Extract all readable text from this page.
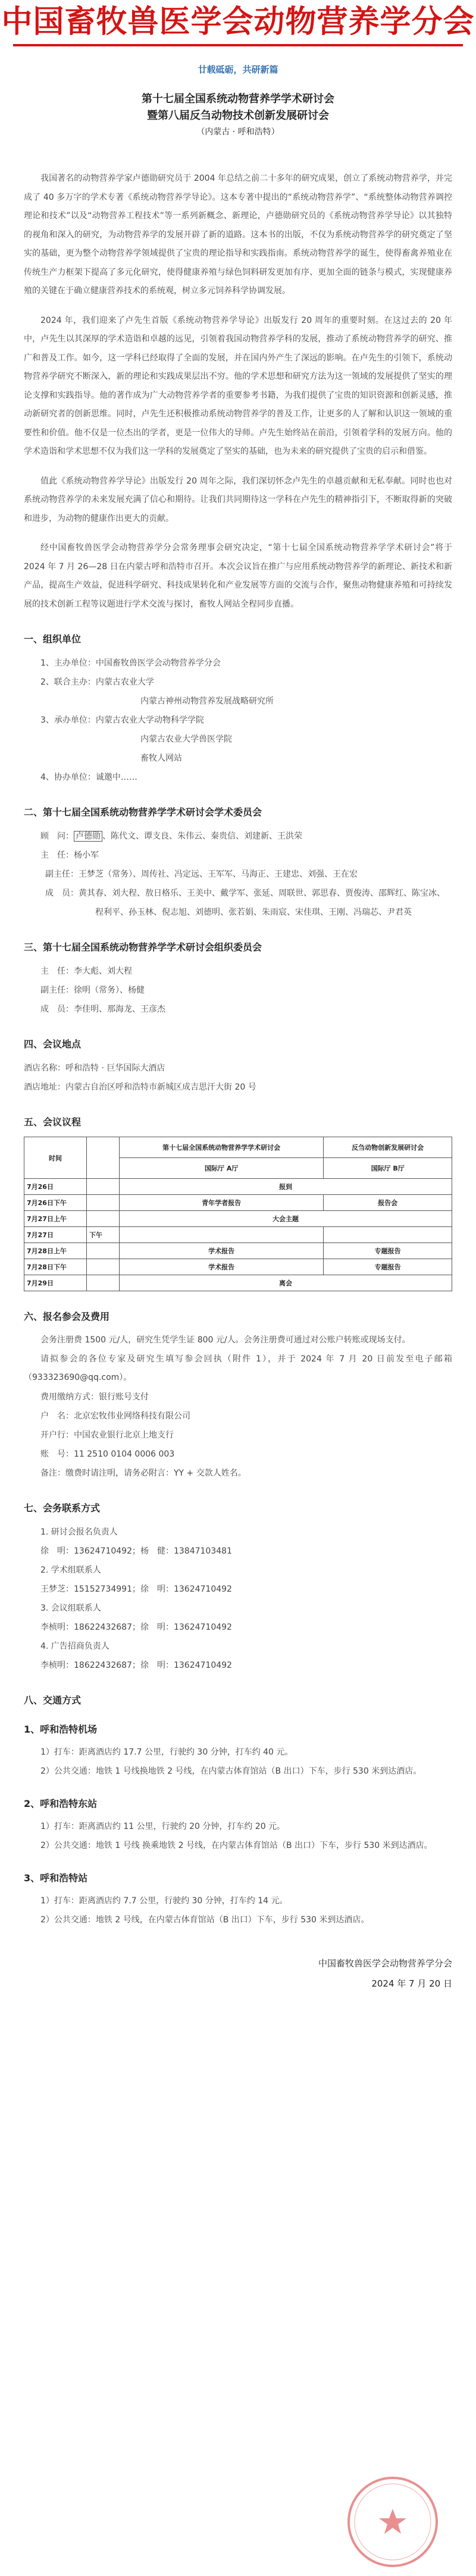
中国畜牧兽医学会动物营养学分会
廿载砥砺，共研新篇
第十七届全国系统动物营养学学术研讨会
暨第八届反刍动物技术创新发展研讨会
（内蒙古 · 呼和浩特）

我国著名的动物营养学家卢德勋研究员于 2004 年总结之前二十多年的研究成果，创立了系统动物营养学，并完成了 40 多万字的学术专著《系统动物营养学导论》。这本专著中提出的“系统动物营养学”、“系统整体动物营养调控理论和技术”以及“动物营养工程技术”等一系列新概念、新理论，卢德勋研究员的《系统动物营养学导论》以其独特的视角和深入的研究，为动物营养学的发展开辟了新的道路。这本书的出版，不仅为系统动物营养学的研究奠定了坚实的基础，更为整个动物营养学领域提供了宝贵的理论指导和实践指南。系统动物营养学的诞生，使得畜禽养殖业在传统生产力框架下提高了多元化研究，使得健康养殖与绿色饲料研发更加有序、更加全面的链条与模式，实现健康养殖的关键在于确立健康营养技术的系统观，树立多元饲养科学协调发展。

2024 年，我们迎来了卢先生首版《系统动物营养学导论》出版发行 20 周年的重要时刻。在这过去的 20 年中，卢先生以其深厚的学术造诣和卓越的远见，引领着我国动物营养学科的发展，推动了系统动物营养学的研究、推广和普及工作。如今，这一学科已经取得了全面的发展，并在国内外产生了深远的影响。在卢先生的引领下，系统动物营养学研究不断深入，新的理论和实践成果层出不穷。他的学术思想和研究方法为这一领域的发展提供了坚实的理论支撑和实践指导。他的著作成为广大动物营养学者的重要参考书籍，为我们提供了宝贵的知识资源和创新灵感，推动新研究者的创新思维。同时，卢先生还积极推动系统动物营养学的普及工作，让更多的人了解和认识这一领域的重要性和价值。他不仅是一位杰出的学者，更是一位伟大的导师。卢先生始终站在前沿，引领着学科的发展方向。他的学术造诣和学术思想不仅为我们这一学科的发展奠定了坚实的基础，也为未来的研究提供了宝贵的启示和借鉴。

值此《系统动物营养学导论》出版发行 20 周年之际，我们深切怀念卢先生的卓越贡献和无私奉献。同时也也对系统动物营养学的未来发展充满了信心和期待。让我们共同期待这一学科在卢先生的精神指引下，不断取得新的突破和进步，为动物的健康作出更大的贡献。

经中国畜牧兽医学会动物营养学分会常务理事会研究决定，“第十七届全国系统动物营养学学术研讨会”将于 2024 年 7 月 26—28 日在内蒙古呼和浩特市召开。本次会议旨在推广与应用系统动物营养学的新理论、新技术和新产品，提高生产效益，促进科学研究、科技成果转化和产业发展等方面的交流与合作，聚焦动物健康养殖和可持续发展的技术创新工程等议题进行学术交流与探讨，畜牧人网站全程同步直播。

一、组织单位
1、主办单位：中国畜牧兽医学会动物营养学分会
2、联合主办：内蒙古农业大学
内蒙古神州动物营养发展战略研究所
3、承办单位：内蒙古农业大学动物科学学院
内蒙古农业大学兽医学院
畜牧人网站
4、协办单位：诚邀中……
二、第十七届全国系统动物营养学学术研讨会学术委员会
顾　问： 卢德勋 、陈代文、谭支良、朱伟云、秦贵信、刘建新、王洪荣
主　任：杨小军
副主任：王梦芝（常务）、周传社、冯定远、王军军、马海正、王建忠、刘强、王在宏
成　员：黄其春、刘大程、敖日格乐、王美中、戴学军、张延、周联世、郭思春、贾俊涛、邵辉红、陈宝冰、程利平、孙玉林、倪志旭、刘德明、张若娟、朱雨宸、宋佳琪、王刚、冯瑞芯、尹君英
三、第十七届全国系统动物营养学学术研讨会组织委员会
主　任：李大彪、刘大程
副主任：徐明（常务）、杨健
成　员：李佳明、那海龙、王彦杰
四、会议地点
酒店名称：呼和浩特 · 巨华国际大酒店
酒店地址：内蒙古自治区呼和浩特市新城区成吉思汗大街 20 号
五、会议议程
时间		第十七届全国系统动物营养学学术研讨会	反刍动物创新发展研讨会
		国际厅 A厅	国际厅 B厅
7月26日		报到	
7月26日下午		青年学者报告	报告会
7月27日上午		大会主题	
7月27日	下午		
7月28日上午		学术报告	专题报告
7月28日下午		学术报告	专题报告
7月29日		离会	
六、报名参会及费用

会务注册费 1500 元/人，研究生凭学生证 800 元/人。会务注册费可通过对公账户转账或现场支付。

请拟参会的各位专家及研究生填写参会回执（附件 1），并于 2024 年 7 月 20 日前发至电子邮箱（933323690@qq.com）。

费用缴纳方式：银行账号支付
户　名：北京宏牧伟业网络科技有限公司
开户行：中国农业银行北京上地支行
账　号：11 2510 0104 0006 003
备注：缴费时请注明，请务必附言：YY + 交款人姓名。
七、会务联系方式
1. 研讨会报名负责人
徐　明：13624710492；杨　健：13847103481
2. 学术组联系人
王梦芝：15152734991；徐　明：13624710492
3. 会议组联系人
李桢明：18622432687；徐　明：13624710492
4. 广告招商负责人
李桢明：18622432687；徐　明：13624710492
八、交通方式
1、呼和浩特机场
1）打车：距离酒店约 17.7 公里，行驶约 30 分钟，打车约 40 元。
2）公共交通：地铁 1 号线换地铁 2 号线，在内蒙古体育馆站（B 出口）下车，步行 530 米到达酒店。
2、呼和浩特东站
1）打车：距离酒店约 11 公里，行驶约 20 分钟，打车约 20 元。
2）公共交通：地铁 1 号线 换乘地铁 2 号线，在内蒙古体育馆站（B 出口）下车，步行 530 米到达酒店。
3、呼和浩特站
1）打车：距离酒店约 7.7 公里，行驶约 30 分钟，打车约 14 元。
2）公共交通：地铁 2 号线，在内蒙古体育馆站（B 出口）下车，步行 530 米到达酒店。
中国畜牧兽医学会动物营养学分会
2024 年 7 月 20 日
